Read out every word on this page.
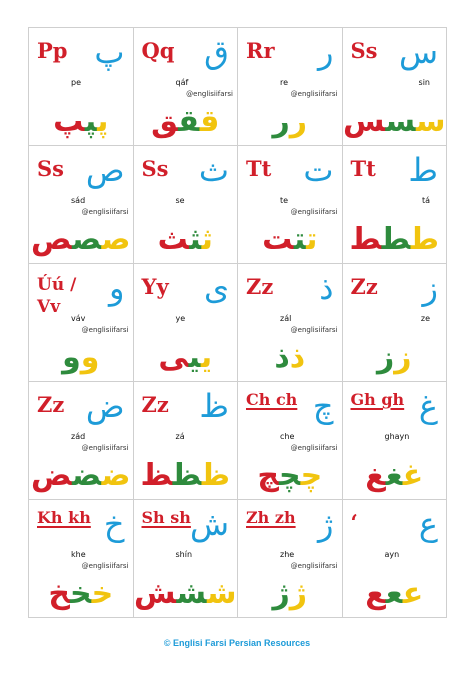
Pp پ
pe
پپپ
Qq ق
qáf
@englisiifarsi
ققق
Rr ر
re
@englisiifarsi
رر
Ss س
sin
سسس
Ss ص
sád
@englisiifarsi
صصص
Ss ث
se
ثثث
Tt ت
te
@englisiifarsi
تتت
Tt ط
tá
ططط
Úú / Vv	و
váv
@englisiifarsi
وو
Yy ی
ye
ییی
Zz ذ
zál
@englisiifarsi
ذذ
Zz ز
ze
زز
Zz ض
zád
@englisiifarsi
ضضض
Zz ظ
zá
ظظظ
Ch ch چ
che
@englisiifarsi
چچچ
Gh gh غ
ghayn
غغغ
Kh kh خ
khe
@englisiifarsi
خخخ
Sh sh ش
shín
ششش
Zh zh ژ
zhe
@englisiifarsi
ژژ
ʻ ع
ayn
ععع
© Englisi Farsi Persian Resources
